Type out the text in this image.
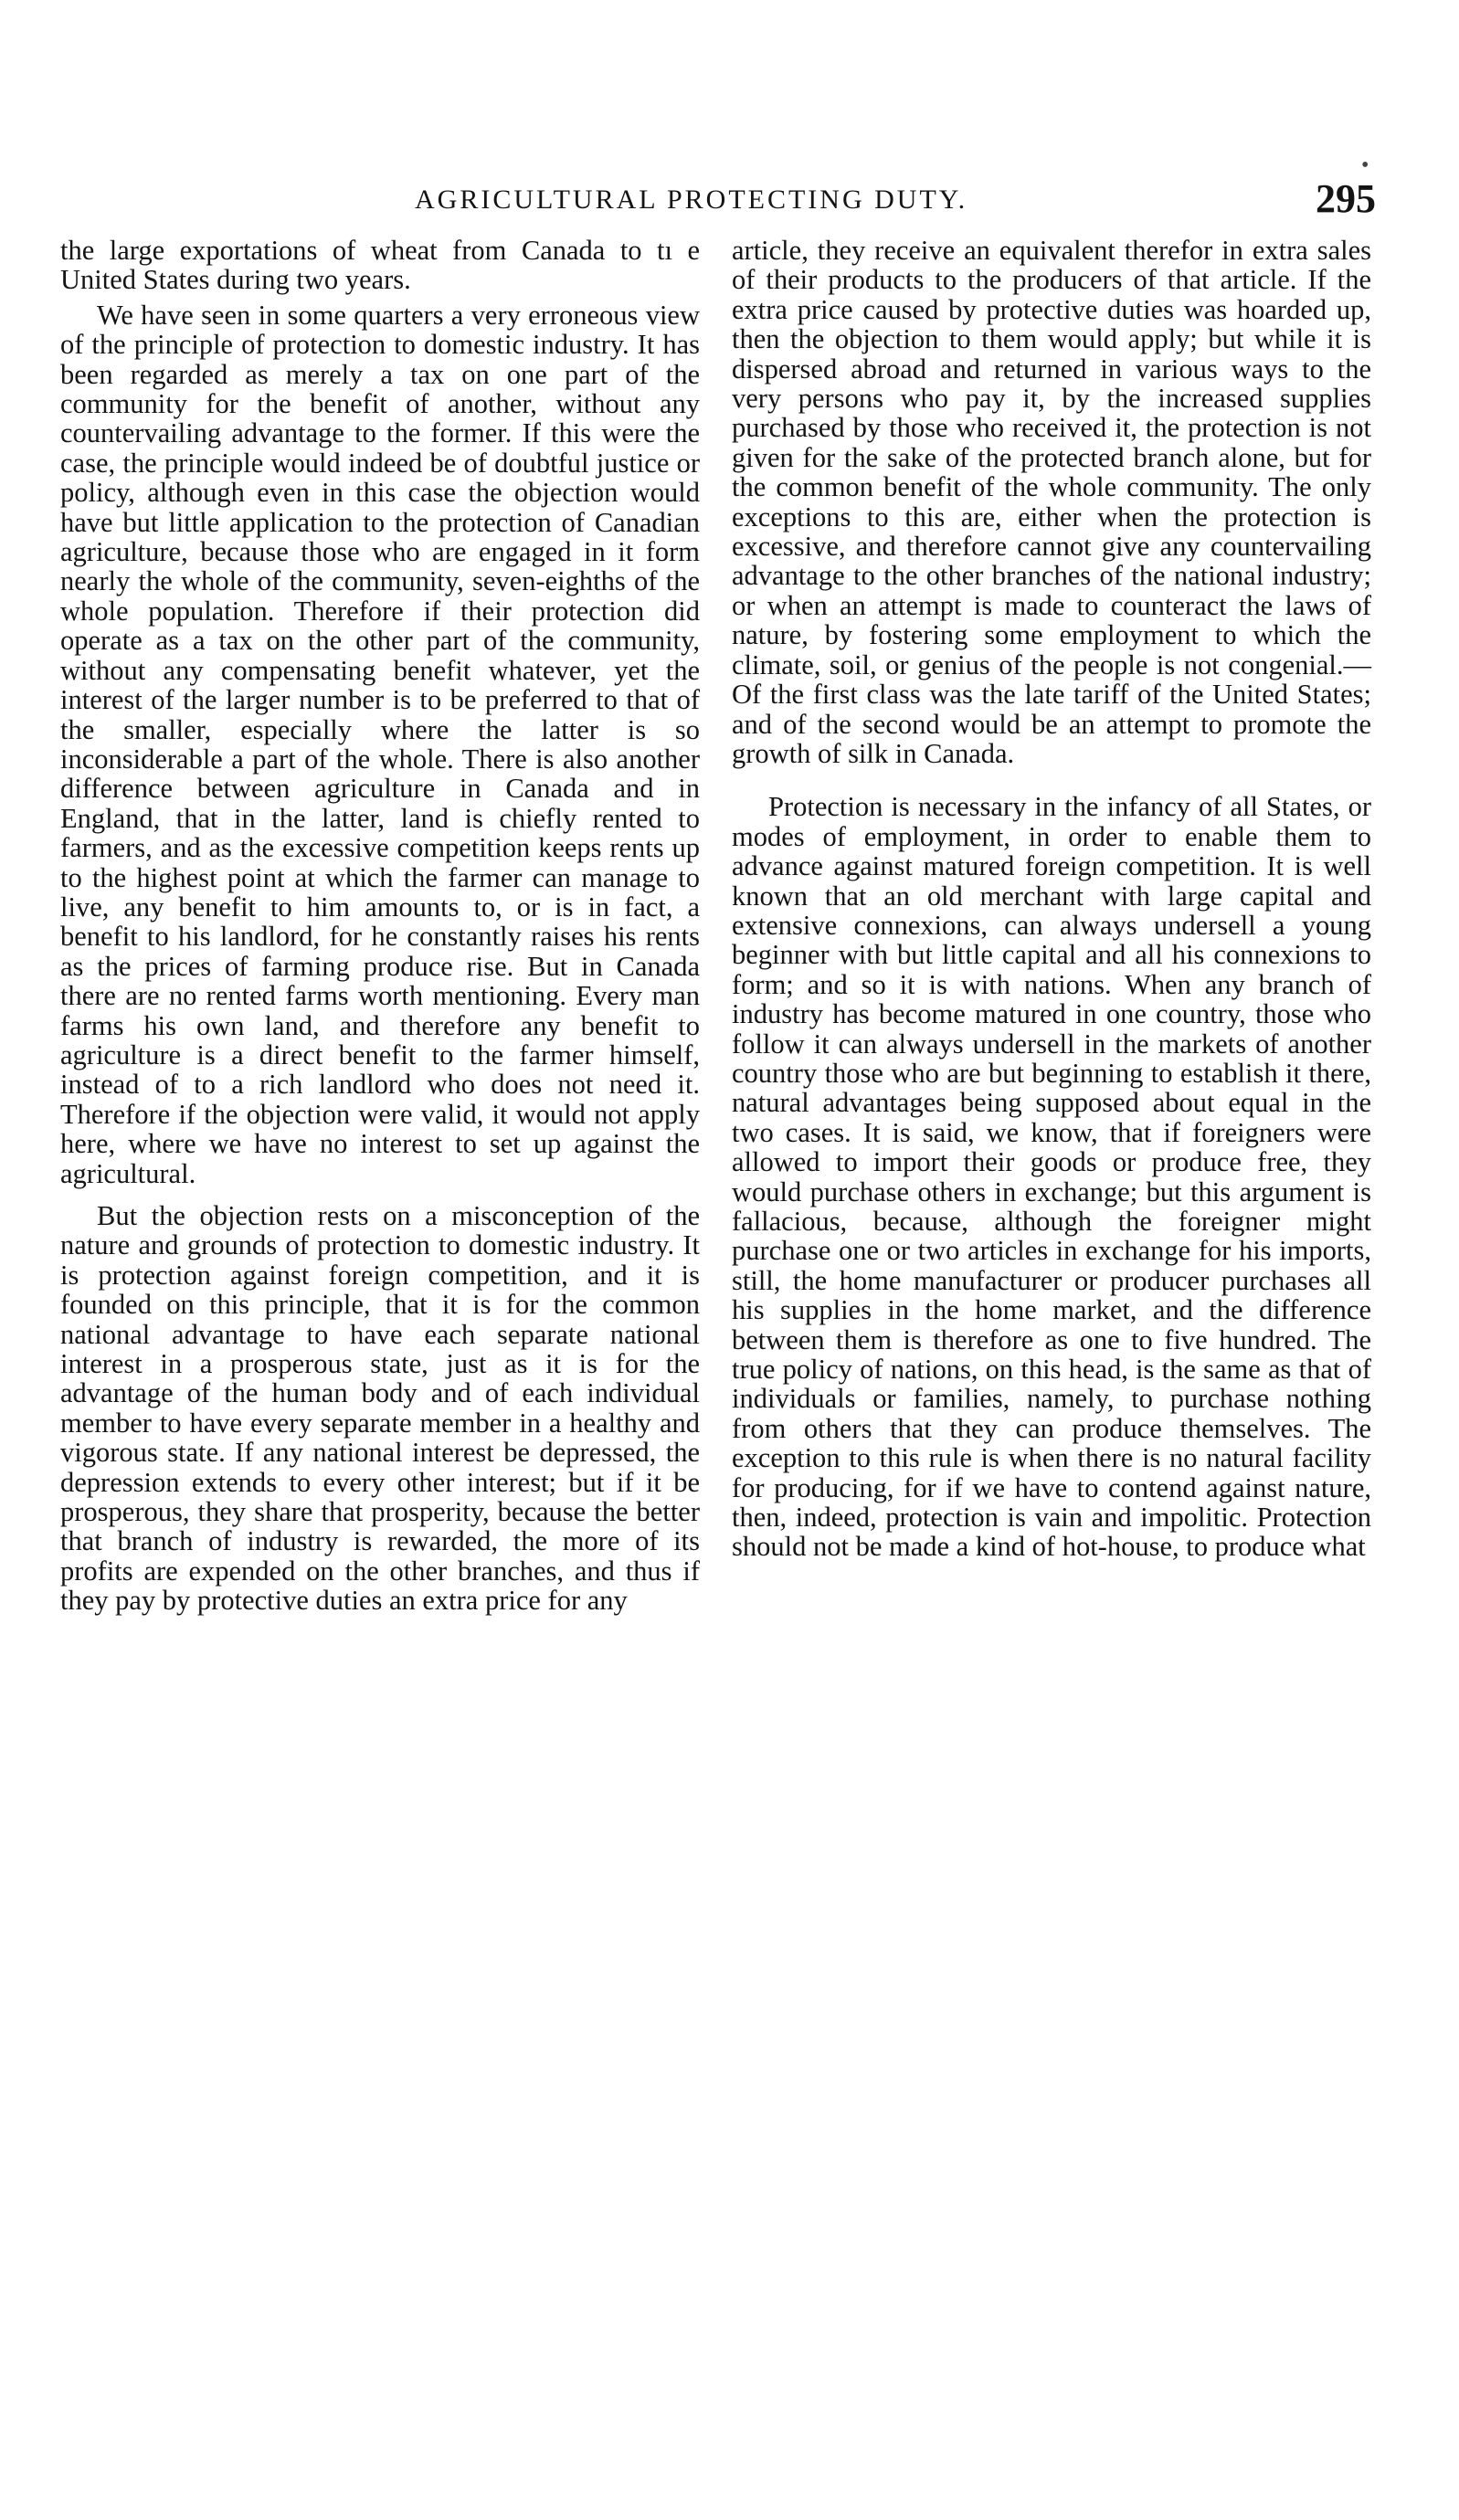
•
AGRICULTURAL PROTECTING DUTY.	295

the large exportations of wheat from Canada to tı e United States during two years.

We have seen in some quarters a very erroneous view of the principle of protection to domestic industry. It has been regarded as merely a tax on one part of the community for the benefit of another, without any countervailing advantage to the former. If this were the case, the principle would indeed be of doubtful justice or policy, although even in this case the objection would have but little application to the protection of Canadian agriculture, because those who are engaged in it form nearly the whole of the community, seven-eighths of the whole population. Therefore if their protection did operate as a tax on the other part of the community, without any compensating benefit whatever, yet the interest of the larger number is to be preferred to that of the smaller, especially where the latter is so inconsiderable a part of the whole. There is also another difference between agriculture in Canada and in England, that in the latter, land is chiefly rented to farmers, and as the excessive competition keeps rents up to the highest point at which the farmer can manage to live, any benefit to him amounts to, or is in fact, a benefit to his landlord, for he constantly raises his rents as the prices of farming produce rise. But in Canada there are no rented farms worth mentioning. Every man farms his own land, and therefore any benefit to agriculture is a direct benefit to the farmer himself, instead of to a rich landlord who does not need it. Therefore if the objection were valid, it would not apply here, where we have no interest to set up against the agricultural.

But the objection rests on a misconception of the nature and grounds of protection to domestic industry. It is protection against foreign competition, and it is founded on this principle, that it is for the common national advantage to have each separate national interest in a prosperous state, just as it is for the advantage of the human body and of each individual member to have every separate member in a healthy and vigorous state. If any national interest be depressed, the depression extends to every other interest; but if it be prosperous, they share that prosperity, because the better that branch of industry is rewarded, the more of its profits are expended on the other branches, and thus if they pay by protective duties an extra price for any

article, they receive an equivalent therefor in extra sales of their products to the producers of that article. If the extra price caused by protective duties was hoarded up, then the objection to them would apply; but while it is dispersed abroad and returned in various ways to the very persons who pay it, by the increased supplies purchased by those who received it, the protection is not given for the sake of the protected branch alone, but for the common benefit of the whole community. The only exceptions to this are, either when the protection is excessive, and therefore cannot give any countervailing advantage to the other branches of the national industry; or when an attempt is made to counteract the laws of nature, by fostering some employment to which the climate, soil, or genius of the people is not congenial.— Of the first class was the late tariff of the United States; and of the second would be an attempt to promote the growth of silk in Canada.

Protection is necessary in the infancy of all States, or modes of employment, in order to enable them to advance against matured foreign competition. It is well known that an old merchant with large capital and extensive connexions, can always undersell a young beginner with but little capital and all his connexions to form; and so it is with nations. When any branch of industry has become matured in one country, those who follow it can always undersell in the markets of another country those who are but beginning to establish it there, natural advantages being supposed about equal in the two cases. It is said, we know, that if foreigners were allowed to import their goods or produce free, they would purchase others in exchange; but this argument is fallacious, because, although the foreigner might purchase one or two articles in exchange for his imports, still, the home manufacturer or producer purchases all his supplies in the home market, and the difference between them is therefore as one to five hundred. The true policy of nations, on this head, is the same as that of individuals or families, namely, to purchase nothing from others that they can produce themselves. The exception to this rule is when there is no natural facility for producing, for if we have to contend against nature, then, indeed, protection is vain and impolitic. Protection should not be made a kind of hot-house, to produce what
